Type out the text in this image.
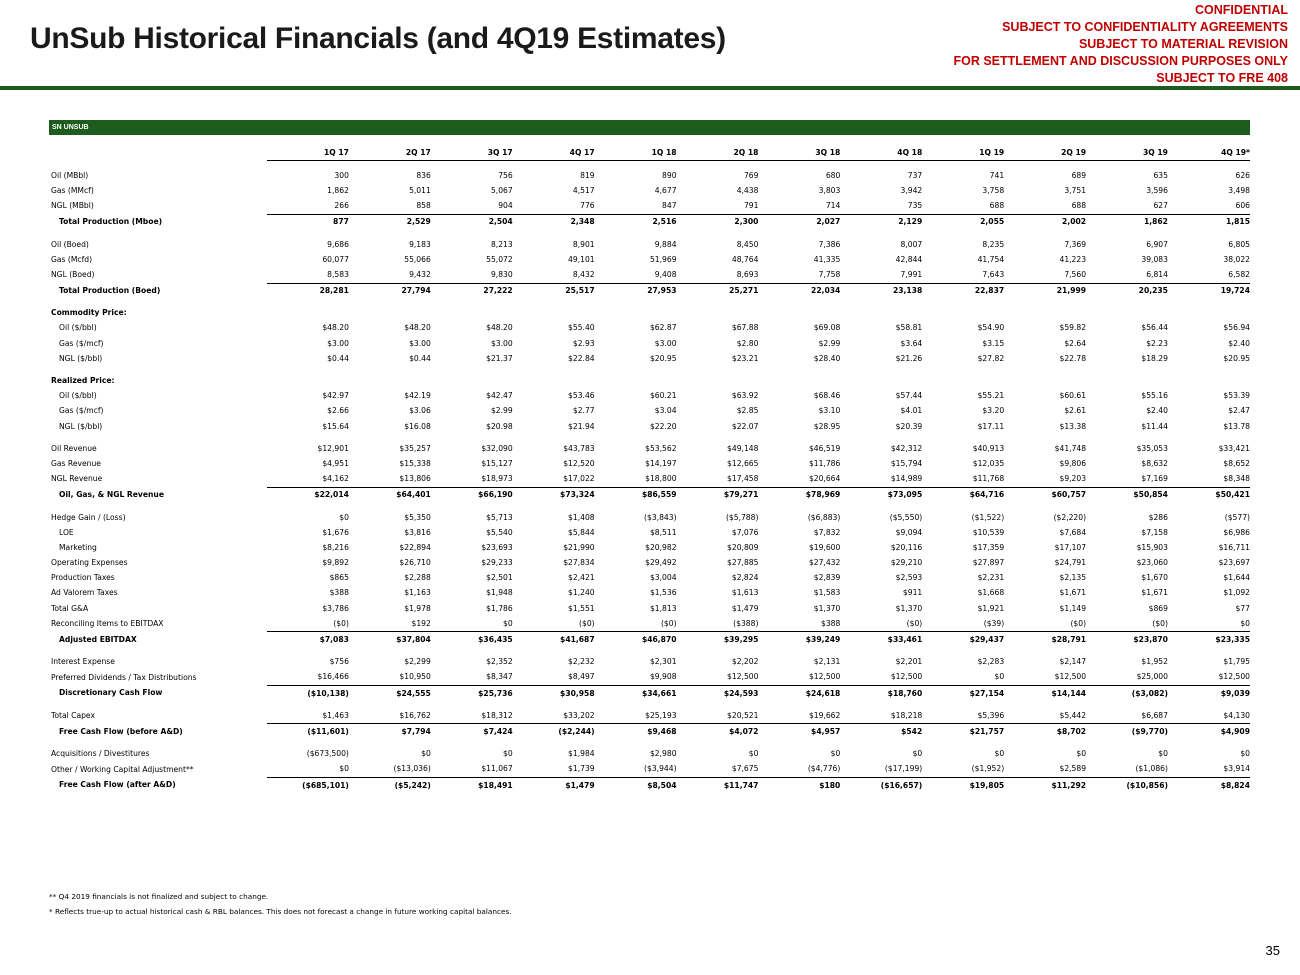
UnSub Historical Financials (and 4Q19 Estimates)
CONFIDENTIAL
SUBJECT TO CONFIDENTIALITY AGREEMENTS
SUBJECT TO MATERIAL REVISION
FOR SETTLEMENT AND DISCUSSION PURPOSES ONLY
SUBJECT TO FRE 408
SN UNSUB
	1Q 17	2Q 17	3Q 17	4Q 17	1Q 18	2Q 18	3Q 18	4Q 18	1Q 19	2Q 19	3Q 19	4Q 19*

Oil (MBbl)	300	836	756	819	890	769	680	737	741	689	635	626
Gas (MMcf)	1,862	5,011	5,067	4,517	4,677	4,438	3,803	3,942	3,758	3,751	3,596	3,498
NGL (MBbl)	266	858	904	776	847	791	714	735	688	688	627	606
Total Production (Mboe)	877	2,529	2,504	2,348	2,516	2,300	2,027	2,129	2,055	2,002	1,862	1,815

Oil (Boed)	9,686	9,183	8,213	8,901	9,884	8,450	7,386	8,007	8,235	7,369	6,907	6,805
Gas (Mcfd)	60,077	55,066	55,072	49,101	51,969	48,764	41,335	42,844	41,754	41,223	39,083	38,022
NGL (Boed)	8,583	9,432	9,830	8,432	9,408	8,693	7,758	7,991	7,643	7,560	6,814	6,582
Total Production (Boed)	28,281	27,794	27,222	25,517	27,953	25,271	22,034	23,138	22,837	21,999	20,235	19,724

Commodity Price:												
Oil ($/bbl)	$48.20	$48.20	$48.20	$55.40	$62.87	$67.88	$69.08	$58.81	$54.90	$59.82	$56.44	$56.94
Gas ($/mcf)	$3.00	$3.00	$3.00	$2.93	$3.00	$2.80	$2.99	$3.64	$3.15	$2.64	$2.23	$2.40
NGL ($/bbl)	$0.44	$0.44	$21.37	$22.84	$20.95	$23.21	$28.40	$21.26	$27.82	$22.78	$18.29	$20.95

Realized Price:												
Oil ($/bbl)	$42.97	$42.19	$42.47	$53.46	$60.21	$63.92	$68.46	$57.44	$55.21	$60.61	$55.16	$53.39
Gas ($/mcf)	$2.66	$3.06	$2.99	$2.77	$3.04	$2.85	$3.10	$4.01	$3.20	$2.61	$2.40	$2.47
NGL ($/bbl)	$15.64	$16.08	$20.98	$21.94	$22.20	$22.07	$28.95	$20.39	$17.11	$13.38	$11.44	$13.78

Oil Revenue	$12,901	$35,257	$32,090	$43,783	$53,562	$49,148	$46,519	$42,312	$40,913	$41,748	$35,053	$33,421
Gas Revenue	$4,951	$15,338	$15,127	$12,520	$14,197	$12,665	$11,786	$15,794	$12,035	$9,806	$8,632	$8,652
NGL Revenue	$4,162	$13,806	$18,973	$17,022	$18,800	$17,458	$20,664	$14,989	$11,768	$9,203	$7,169	$8,348
Oil, Gas, & NGL Revenue	$22,014	$64,401	$66,190	$73,324	$86,559	$79,271	$78,969	$73,095	$64,716	$60,757	$50,854	$50,421

Hedge Gain / (Loss)	$0	$5,350	$5,713	$1,408	($3,843)	($5,788)	($6,883)	($5,550)	($1,522)	($2,220)	$286	($577)
LOE	$1,676	$3,816	$5,540	$5,844	$8,511	$7,076	$7,832	$9,094	$10,539	$7,684	$7,158	$6,986
Marketing	$8,216	$22,894	$23,693	$21,990	$20,982	$20,809	$19,600	$20,116	$17,359	$17,107	$15,903	$16,711
Operating Expenses	$9,892	$26,710	$29,233	$27,834	$29,492	$27,885	$27,432	$29,210	$27,897	$24,791	$23,060	$23,697
Production Taxes	$865	$2,288	$2,501	$2,421	$3,004	$2,824	$2,839	$2,593	$2,231	$2,135	$1,670	$1,644
Ad Valorem Taxes	$388	$1,163	$1,948	$1,240	$1,536	$1,613	$1,583	$911	$1,668	$1,671	$1,671	$1,092
Total G&A	$3,786	$1,978	$1,786	$1,551	$1,813	$1,479	$1,370	$1,370	$1,921	$1,149	$869	$77
Reconciling Items to EBITDAX	($0)	$192	$0	($0)	($0)	($388)	$388	($0)	($39)	($0)	($0)	$0
Adjusted EBITDAX	$7,083	$37,804	$36,435	$41,687	$46,870	$39,295	$39,249	$33,461	$29,437	$28,791	$23,870	$23,335

Interest Expense	$756	$2,299	$2,352	$2,232	$2,301	$2,202	$2,131	$2,201	$2,283	$2,147	$1,952	$1,795
Preferred Dividends / Tax Distributions	$16,466	$10,950	$8,347	$8,497	$9,908	$12,500	$12,500	$12,500	$0	$12,500	$25,000	$12,500
Discretionary Cash Flow	($10,138)	$24,555	$25,736	$30,958	$34,661	$24,593	$24,618	$18,760	$27,154	$14,144	($3,082)	$9,039

Total Capex	$1,463	$16,762	$18,312	$33,202	$25,193	$20,521	$19,662	$18,218	$5,396	$5,442	$6,687	$4,130
Free Cash Flow (before A&D)	($11,601)	$7,794	$7,424	($2,244)	$9,468	$4,072	$4,957	$542	$21,757	$8,702	($9,770)	$4,909

Acquisitions / Divestitures	($673,500)	$0	$0	$1,984	$2,980	$0	$0	$0	$0	$0	$0	$0
Other / Working Capital Adjustment**	$0	($13,036)	$11,067	$1,739	($3,944)	$7,675	($4,776)	($17,199)	($1,952)	$2,589	($1,086)	$3,914
Free Cash Flow (after A&D)	($685,101)	($5,242)	$18,491	$1,479	$8,504	$11,747	$180	($16,657)	$19,805	$11,292	($10,856)	$8,824
** Q4 2019 financials is not finalized and subject to change.
* Reflects true-up to actual historical cash & RBL balances. This does not forecast a change in future working capital balances.
35
